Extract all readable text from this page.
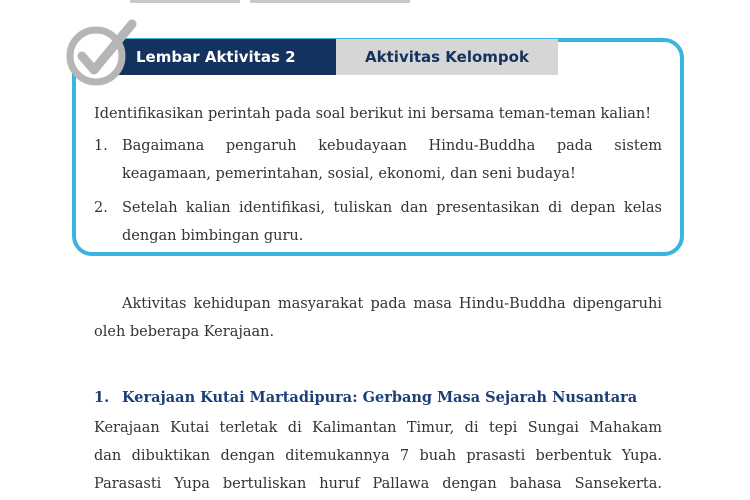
Lembar Aktivitas 2	Aktivitas Kelompok

Identifikasikan perintah pada soal berikut ini bersama teman-teman kalian!

1. Bagaimana pengaruh kebudayaan Hindu-Buddha pada sistem

keagamaan, pemerintahan, sosial, ekonomi, dan seni budaya!

2. Setelah kalian identifikasi, tuliskan dan presentasikan di depan kelas

dengan bimbingan guru.

Aktivitas kehidupan masyarakat pada masa Hindu-Buddha dipengaruhi

oleh beberapa Kerajaan.

1. Kerajaan Kutai Martadipura: Gerbang Masa Sejarah Nusantara

Kerajaan Kutai terletak di Kalimantan Timur, di tepi Sungai Mahakam

dan dibuktikan dengan ditemukannya 7 buah prasasti berbentuk Yupa.

Parasasti Yupa bertuliskan huruf Pallawa dengan bahasa Sansekerta.
